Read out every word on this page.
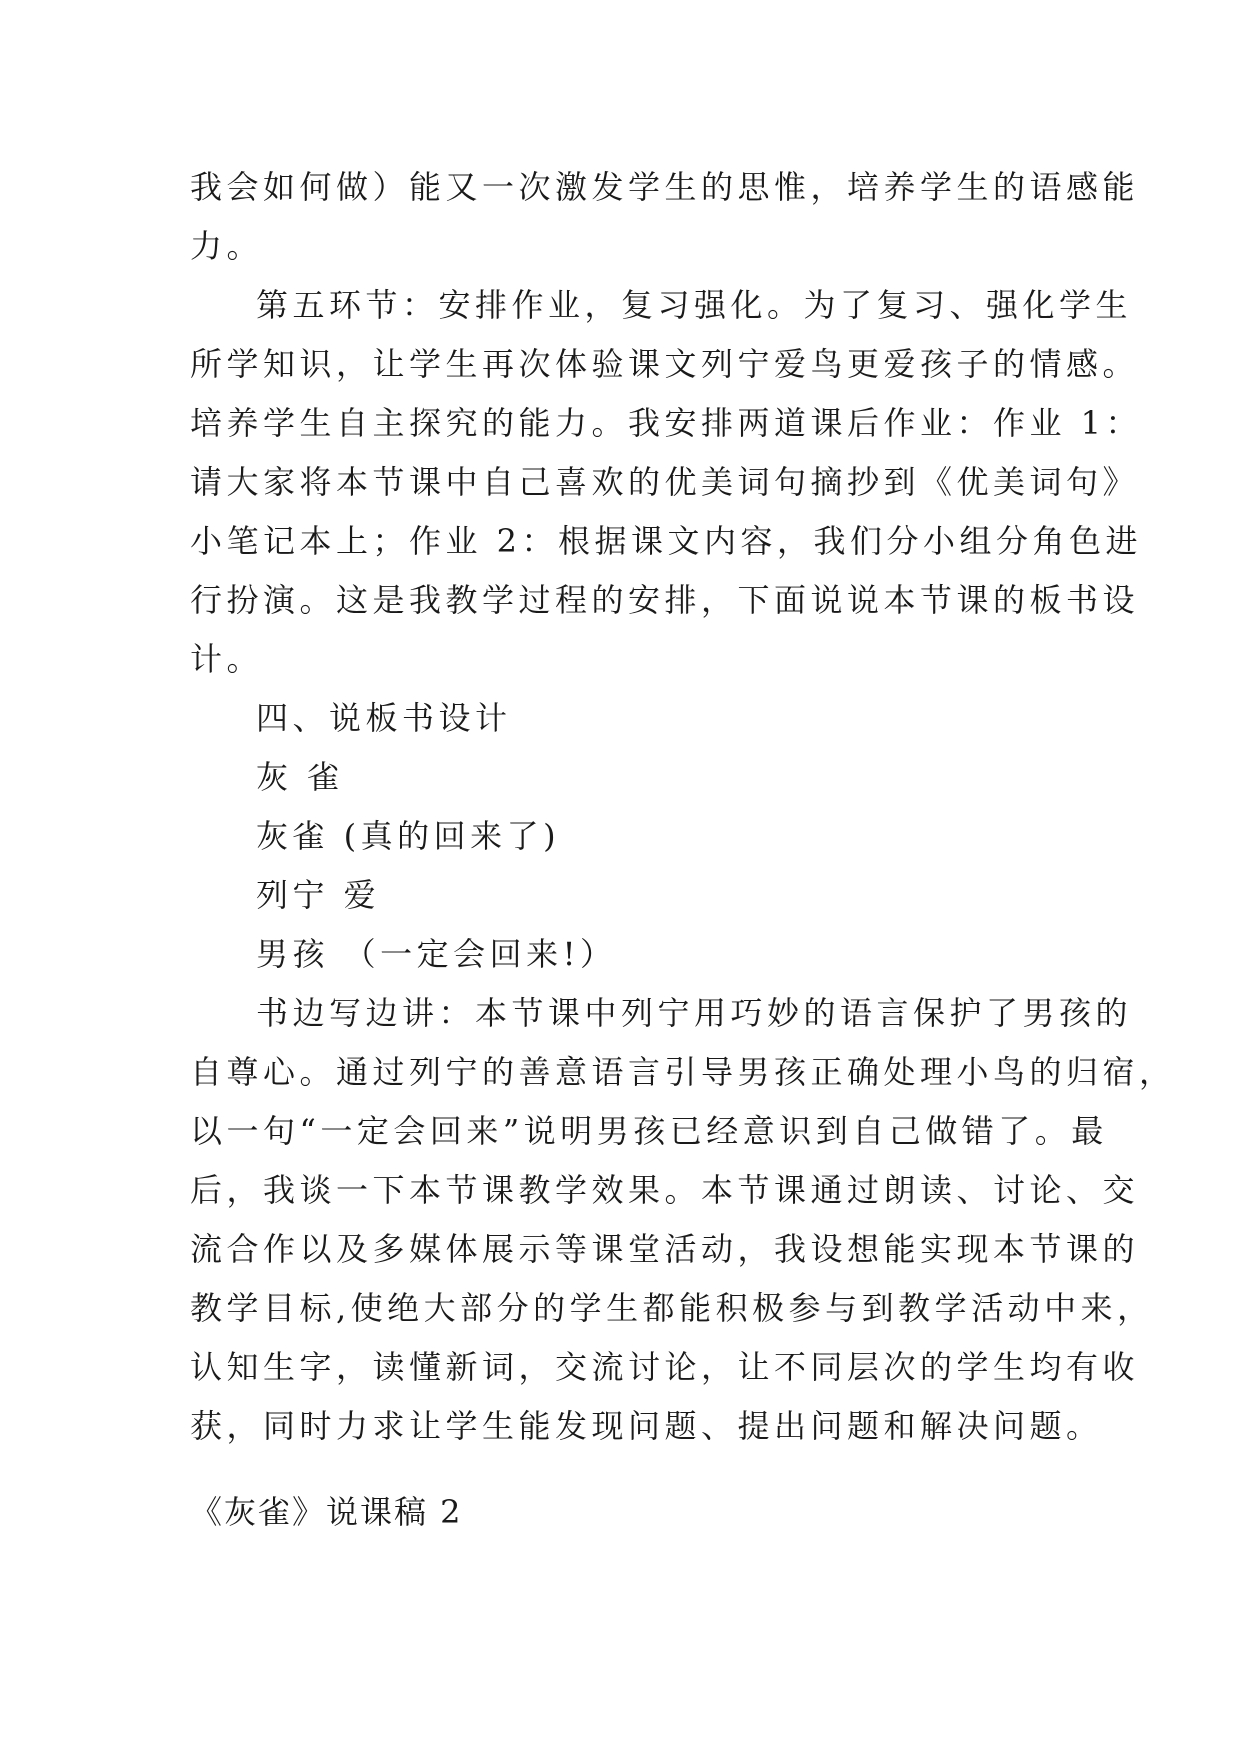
我会如何做）能又一次激发学生的思惟，培养学生的语感能
力。
第五环节：安排作业，复习强化。为了复习、强化学生
所学知识，让学生再次体验课文列宁爱鸟更爱孩子的情感。
培养学生自主探究的能力。我安排两道课后作业：作业 1：
请大家将本节课中自己喜欢的优美词句摘抄到《优美词句》
小笔记本上；作业 2：根据课文内容，我们分小组分角色进
行扮演。这是我教学过程的安排，下面说说本节课的板书设
计。
四、说板书设计
灰 雀
灰雀 (真的回来了)
列宁 爱
男孩 （一定会回来!）
书边写边讲：本节课中列宁用巧妙的语言保护了男孩的
自尊心。通过列宁的善意语言引导男孩正确处理小鸟的归宿，
以一句“一定会回来”说明男孩已经意识到自己做错了。最
后，我谈一下本节课教学效果。本节课通过朗读、讨论、交
流合作以及多媒体展示等课堂活动，我设想能实现本节课的
教学目标,使绝大部分的学生都能积极参与到教学活动中来，
认知生字，读懂新词，交流讨论，让不同层次的学生均有收
获，同时力求让学生能发现问题、提出问题和解决问题。
《灰雀》说课稿 2
